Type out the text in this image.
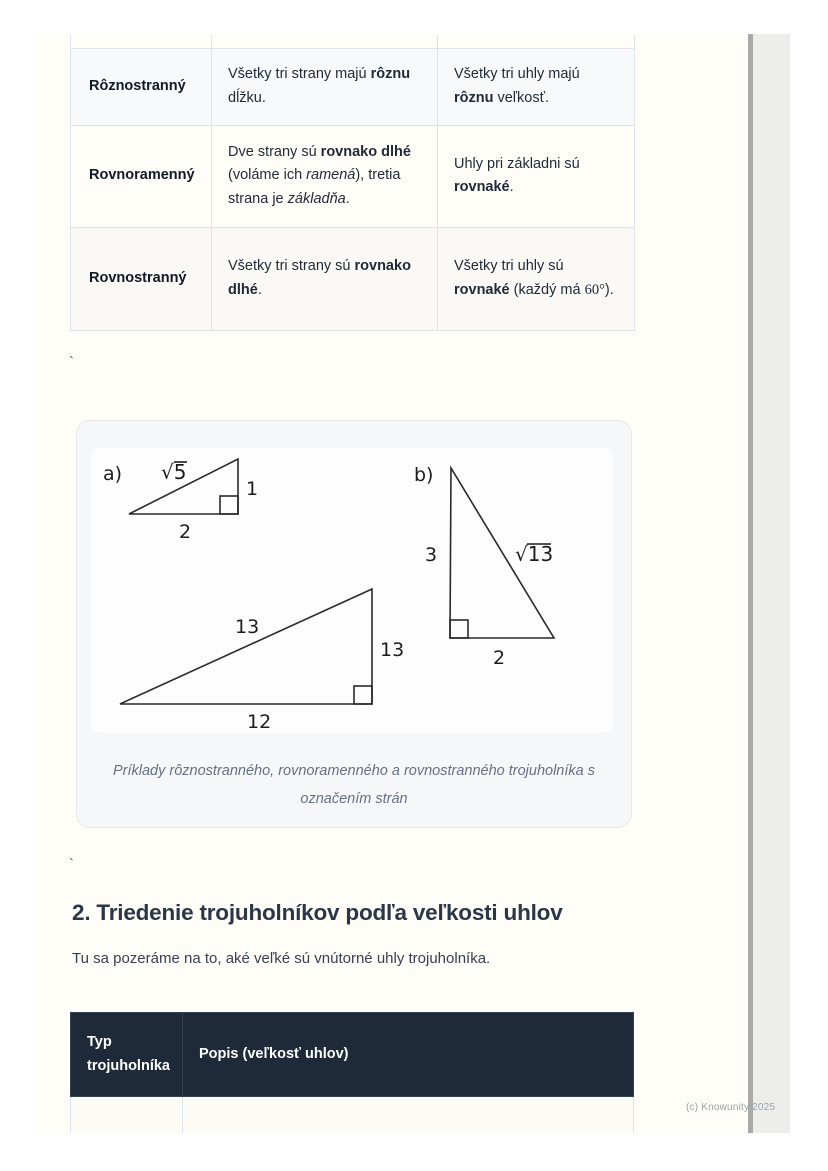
Rôznostranný	Všetky tri strany majú rôznu dĺžku.	Všetky tri uhly majú rôznu veľkosť.
Rovnoramenný	Dve strany sú rovnako dlhé (voláme ich ramená), tretia strana je základňa.	Uhly pri základni sú rovnaké.
Rovnostranný	Všetky tri strany sú rovnako dlhé.	Všetky tri uhly sú rovnaké (každý má 60°).
`
`
a) √5
1
2
b)
3	√13
2
13
13
12
Príklady rôznostranného, rovnoramenného a rovnostranného trojuholníka s označením strán
2. Triedenie trojuholníkov podľa veľkosti uhlov

Tu sa pozeráme na to, aké veľké sú vnútorné uhly trojuholníka.

Typ trojuholníka	Popis (veľkosť uhlov)

(c) Knowunity 2025
